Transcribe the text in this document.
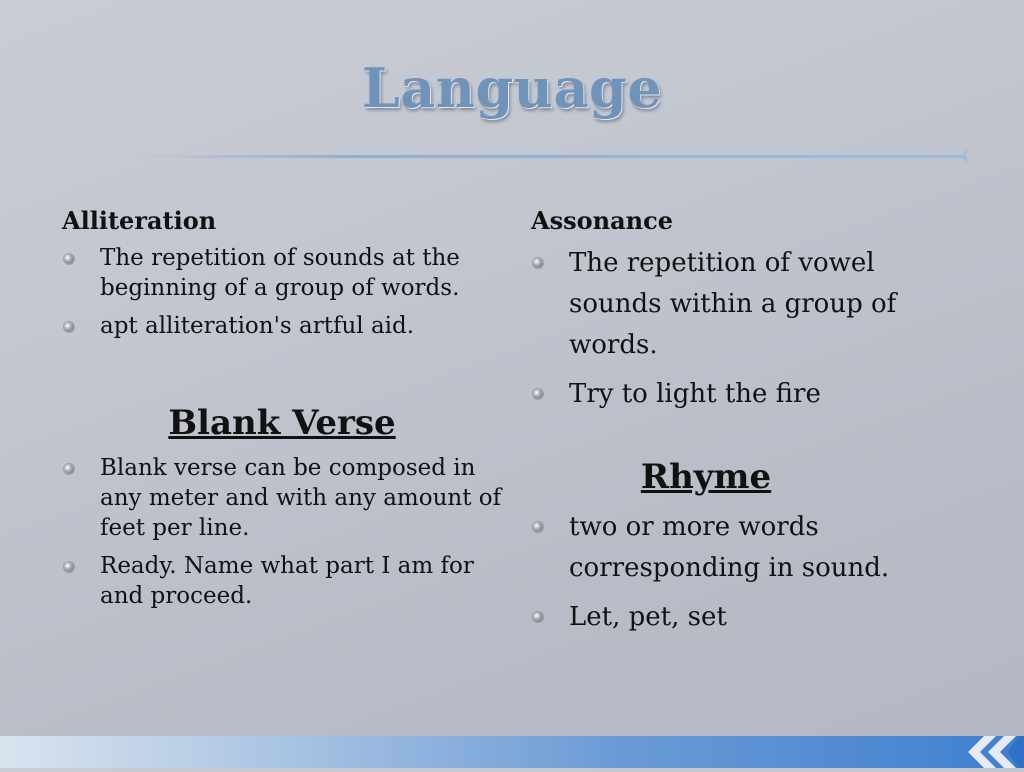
Language
Alliteration
The repetition of sounds at the beginning of a group of words.
apt alliteration's artful aid.
Blank Verse
Blank verse can be composed in any meter and with any amount of feet per line.
Ready. Name what part I am for and proceed.
Assonance
The repetition of vowel sounds within a group of words.
Try to light the fire
Rhyme
two or more words corresponding in sound.
Let, pet, set
